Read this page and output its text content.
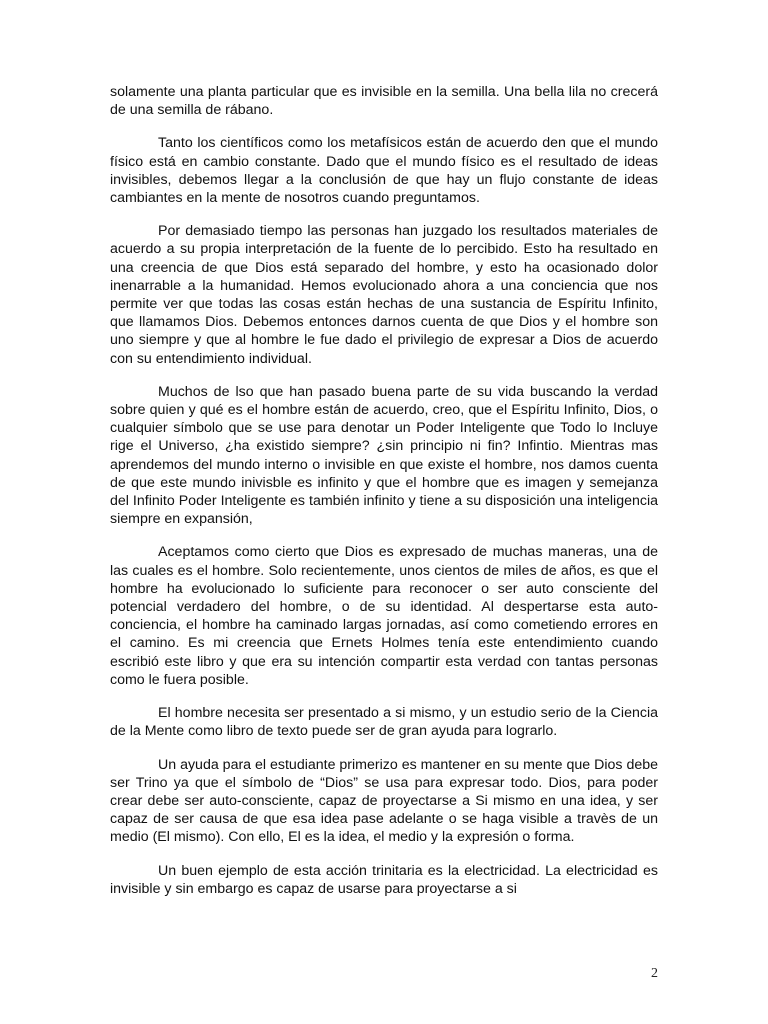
solamente una planta particular que es invisible en la semilla. Una bella lila no crecerá de una semilla de rábano.

Tanto los científicos como los metafísicos están de acuerdo den que el mundo físico está en cambio constante. Dado que el mundo físico es el resultado de ideas invisibles, debemos llegar a la conclusión de que hay un flujo constante de ideas cambiantes en la mente de nosotros cuando preguntamos.

Por demasiado tiempo las personas han juzgado los resultados materiales de acuerdo a su propia interpretación de la fuente de lo percibido. Esto ha resultado en una creencia de que Dios está separado del hombre, y esto ha ocasionado dolor inenarrable a la humanidad. Hemos evolucionado ahora a una conciencia que nos permite ver que todas las cosas están hechas de una sustancia de Espíritu Infinito, que llamamos Dios. Debemos entonces darnos cuenta de que Dios y el hombre son uno siempre y que al hombre le fue dado el privilegio de expresar a Dios de acuerdo con su entendimiento individual.

Muchos de lso que han pasado buena parte de su vida buscando la verdad sobre quien y qué es el hombre están de acuerdo, creo, que el Espíritu Infinito, Dios, o cualquier símbolo que se use para denotar un Poder Inteligente que Todo lo Incluye rige el Universo, ¿ha existido siempre? ¿sin principio ni fin? Infintio. Mientras mas aprendemos del mundo interno o invisible en que existe el hombre, nos damos cuenta de que este mundo inivisble es infinito y que el hombre que es imagen y semejanza del Infinito Poder Inteligente es también infinito y tiene a su disposición una inteligencia siempre en expansión,

Aceptamos como cierto que Dios es expresado de muchas maneras, una de las cuales es el hombre. Solo recientemente, unos cientos de miles de años, es que el hombre ha evolucionado lo suficiente para reconocer o ser auto consciente del potencial verdadero del hombre, o de su identidad. Al despertarse esta auto-conciencia, el hombre ha caminado largas jornadas, así como cometiendo errores en el camino. Es mi creencia que Ernets Holmes tenía este entendimiento cuando escribió este libro y que era su intención compartir esta verdad con tantas personas como le fuera posible.

El hombre necesita ser presentado a si mismo, y un estudio serio de la Ciencia de la Mente como libro de texto puede ser de gran ayuda para lograrlo.

Un ayuda para el estudiante primerizo es mantener en su mente que Dios debe ser Trino ya que el símbolo de “Dios” se usa para expresar todo. Dios, para poder crear debe ser auto-consciente, capaz de proyectarse a Si mismo en una idea, y ser capaz de ser causa de que esa idea pase adelante o se haga visible a travès de un medio (El mismo). Con ello, El es la idea, el medio y la expresión o forma.

Un buen ejemplo de esta acción trinitaria es la electricidad. La electricidad es invisible y sin embargo es capaz de usarse para proyectarse a si

2
